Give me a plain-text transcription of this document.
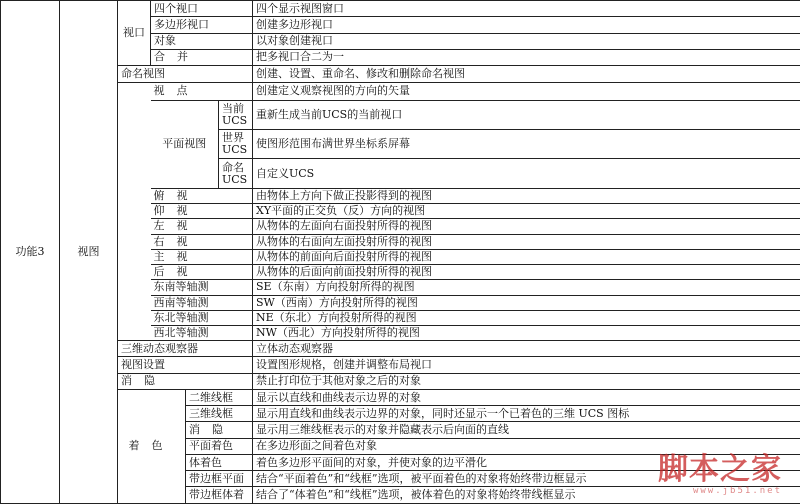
功能3	视图	视口	四个视口			四个显示视图窗口
			多边形视口			创建多边形视口
			对象			以对象创建视口
			合并			把多视口合二为一
		命名视图				创建、设置、重命名、修改和删除命名视图
			视点			创建定义观察视图的方向的矢量
			平面视图		当前UCS	重新生成当前UCS的当前视口
					世界UCS	使图形范围布满世界坐标系屏幕
					命名UCS	自定义UCS
			俯视			由物体上方向下做正投影得到的视图
			仰视			XY平面的正交负（反）方向的视图
			左视			从物体的左面向右面投射所得的视图
			右视			从物体的右面向左面投射所得的视图
			主视			从物体的前面向后面投射所得的视图
			后视			从物体的后面向前面投射所得的视图
			东南等轴测			SE（东南）方向投射所得的视图
			西南等轴测			SW（西南）方向投射所得的视图
			东北等轴测			NE（东北）方向投射所得的视图
			西北等轴测			NW（西北）方向投射所得的视图
		三维动态观察器				立体动态观察器
		视图设置				设置图形规格，创建并调整布局视口
		消隐				禁止打印位于其他对象之后的对象
		着色		二维线框		显示以直线和曲线表示边界的对象
				三维线框		显示用直线和曲线表示边界的对象，同时还显示一个已着色的三维 UCS 图标
				消隐		显示用三维线框表示的对象并隐藏表示后向面的直线
				平面着色		在多边形面之间着色对象
				体着色		着色多边形平面间的对象，并使对象的边平滑化
				带边框平面		结合“平面着色”和“线框”选项，被平面着色的对象将始终带边框显示
				带边框体着		结合了“体着色”和“线框”选项，被体着色的对象将始终带线框显示
脚本之家
www.jb51.net
